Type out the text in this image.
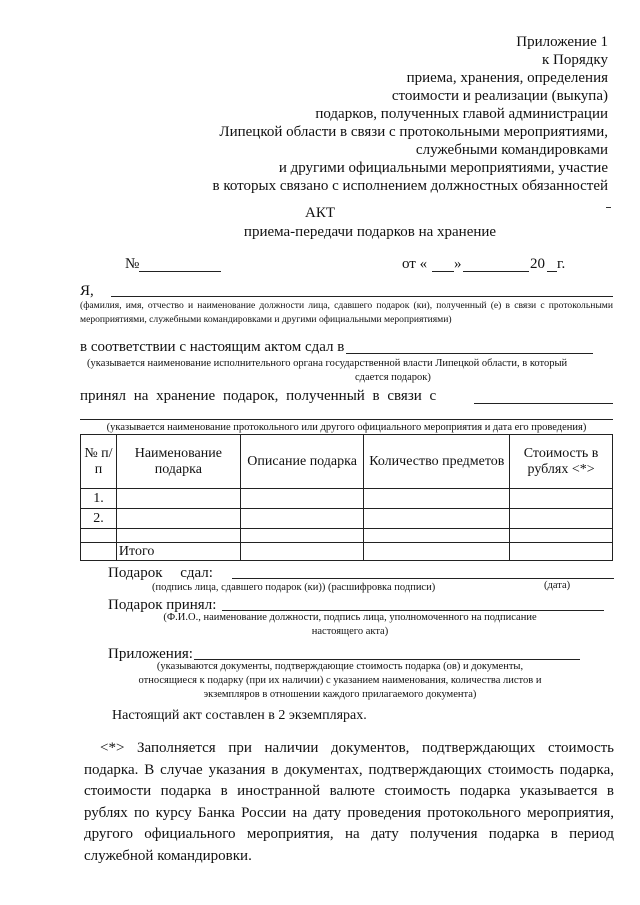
Приложение 1
к Порядку
приема, хранения, определения
стоимости и реализации (выкупа)
подарков, полученных главой администрации
Липецкой области в связи с протокольными мероприятиями,
служебными командировками
и другими официальными мероприятиями, участие
в которых связано с исполнением должностных обязанностей
АКТ
приема-передачи подарков на хранение
№	от « »	20 г.
Я,
(фамилия, имя, отчество и наименование должности лица, сдавшего подарок (ки), полученный (е) в связи с протокольными мероприятиями, служебными командировками и другими официальными мероприятиями)
в соответствии с настоящим актом сдал в
(указывается наименование исполнительного органа государственной власти Липецкой области, в который
сдается подарок)
принял на хранение подарок, полученный в связи с
(указывается наименование протокольного или другого официального мероприятия и дата его проведения)
№ п/п	Наименование подарка	Описание подарка	Количество предметов	Стоимость в рублях <*>
1.				
2.				

	Итого			
Подарок сдал:
(подпись лица, сдавшего подарок (ки)) (расшифровка подписи)	(дата)
Подарок принял:
(Ф.И.О., наименование должности, подпись лица, уполномоченного на подписание
настоящего акта)
Приложения:
(указываются документы, подтверждающие стоимость подарка (ов) и документы,
относящиеся к подарку (при их наличии) с указанием наименования, количества листов и
экземпляров в отношении каждого прилагаемого документа)
Настоящий акт составлен в 2 экземплярах.
<*> Заполняется при наличии документов, подтверждающих стоимость подарка. В случае указания в документах, подтверждающих стоимость подарка, стоимости подарка в иностранной валюте стоимость подарка указывается в рублях по курсу Банка России на дату проведения протокольного мероприятия, другого официального мероприятия, на дату получения подарка в период служебной командировки.
